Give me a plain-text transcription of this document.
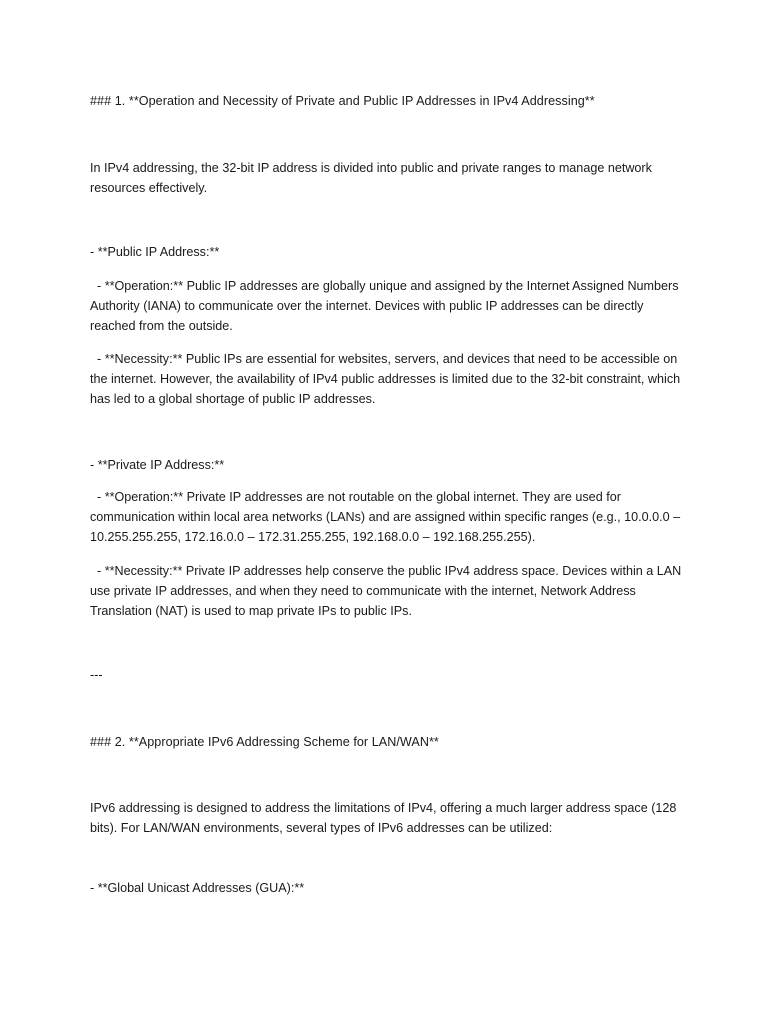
### 1. **Operation and Necessity of Private and Public IP Addresses in IPv4 Addressing**

In IPv4 addressing, the 32-bit IP address is divided into public and private ranges to manage network resources effectively.

- **Public IP Address:**

- **Operation:** Public IP addresses are globally unique and assigned by the Internet Assigned Numbers Authority (IANA) to communicate over the internet. Devices with public IP addresses can be directly reached from the outside.

- **Necessity:** Public IPs are essential for websites, servers, and devices that need to be accessible on the internet. However, the availability of IPv4 public addresses is limited due to the 32-bit constraint, which has led to a global shortage of public IP addresses.

- **Private IP Address:**

- **Operation:** Private IP addresses are not routable on the global internet. They are used for communication within local area networks (LANs) and are assigned within specific ranges (e.g., 10.0.0.0 – 10.255.255.255, 172.16.0.0 – 172.31.255.255, 192.168.0.0 – 192.168.255.255).

- **Necessity:** Private IP addresses help conserve the public IPv4 address space. Devices within a LAN use private IP addresses, and when they need to communicate with the internet, Network Address Translation (NAT) is used to map private IPs to public IPs.

---

### 2. **Appropriate IPv6 Addressing Scheme for LAN/WAN**

IPv6 addressing is designed to address the limitations of IPv4, offering a much larger address space (128 bits). For LAN/WAN environments, several types of IPv6 addresses can be utilized:

- **Global Unicast Addresses (GUA):**
